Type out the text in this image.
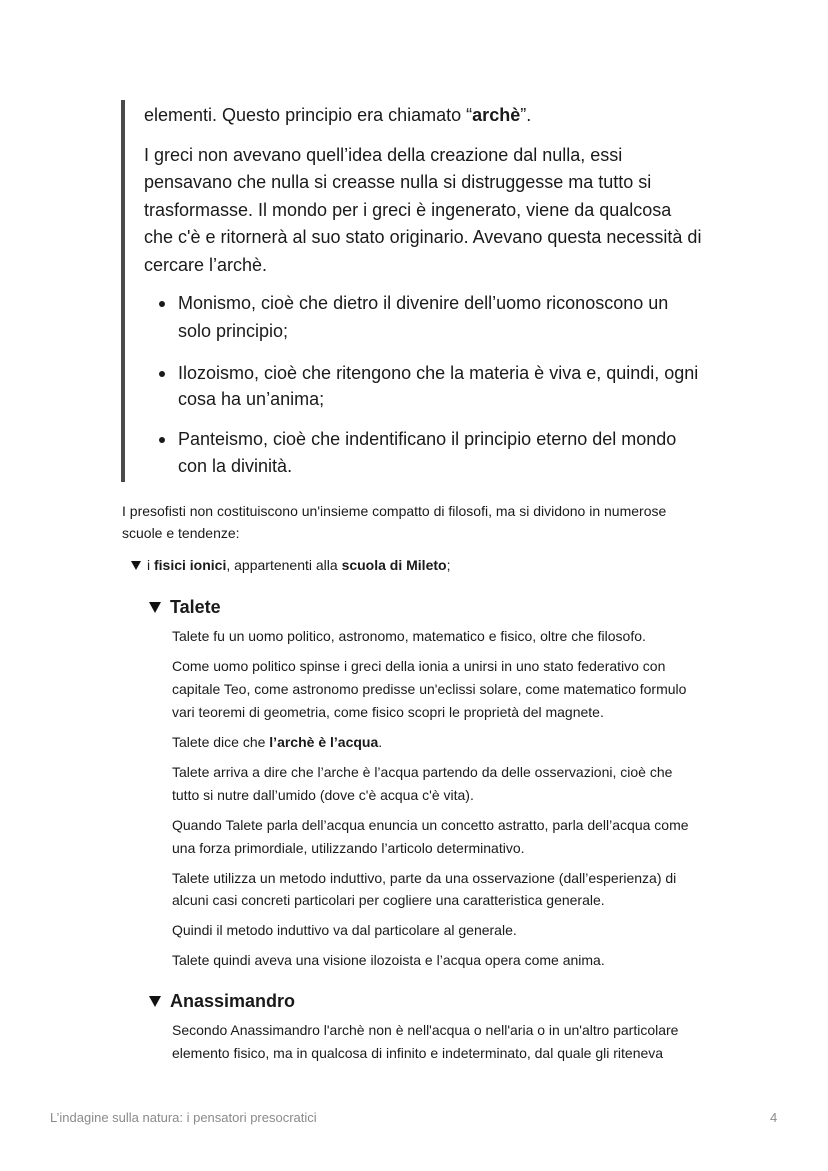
elementi. Questo principio era chiamato “archè”.
I greci non avevano quell’idea della creazione dal nulla, essi
pensavano che nulla si creasse nulla si distruggesse ma tutto si
trasformasse. Il mondo per i greci è ingenerato, viene da qualcosa
che c'è e ritornerà al suo stato originario. Avevano questa necessità di
cercare l’archè.
Monismo, cioè che dietro il divenire dell’uomo riconoscono un
solo principio;
Ilozoismo, cioè che ritengono che la materia è viva e, quindi, ogni
cosa ha un’anima;
Panteismo, cioè che indentificano il principio eterno del mondo
con la divinità.
I presofisti non costituiscono un'insieme compatto di filosofi, ma si dividono in numerose
scuole e tendenze:
i fisici ionici, appartenenti alla scuola di Mileto;
Talete
Talete fu un uomo politico, astronomo, matematico e fisico, oltre che filosofo.
Come uomo politico spinse i greci della ionia a unirsi in uno stato federativo con
capitale Teo, come astronomo predisse un'eclissi solare, come matematico formulo
vari teoremi di geometria, come fisico scopri le proprietà del magnete.
Talete dice che l’archè è l’acqua.
Talete arriva a dire che l’arche è l’acqua partendo da delle osservazioni, cioè che
tutto si nutre dall’umido (dove c'è acqua c'è vita).
Quando Talete parla dell’acqua enuncia un concetto astratto, parla dell’acqua come
una forza primordiale, utilizzando l’articolo determinativo.
Talete utilizza un metodo induttivo, parte da una osservazione (dall’esperienza) di
alcuni casi concreti particolari per cogliere una caratteristica generale.
Quindi il metodo induttivo va dal particolare al generale.
Talete quindi aveva una visione ilozoista e l’acqua opera come anima.
Anassimandro
Secondo Anassimandro l'archè non è nell'acqua o nell'aria o in un'altro particolare
elemento fisico, ma in qualcosa di infinito e indeterminato, dal quale gli riteneva
L’indagine sulla natura: i pensatori presocratici	4
